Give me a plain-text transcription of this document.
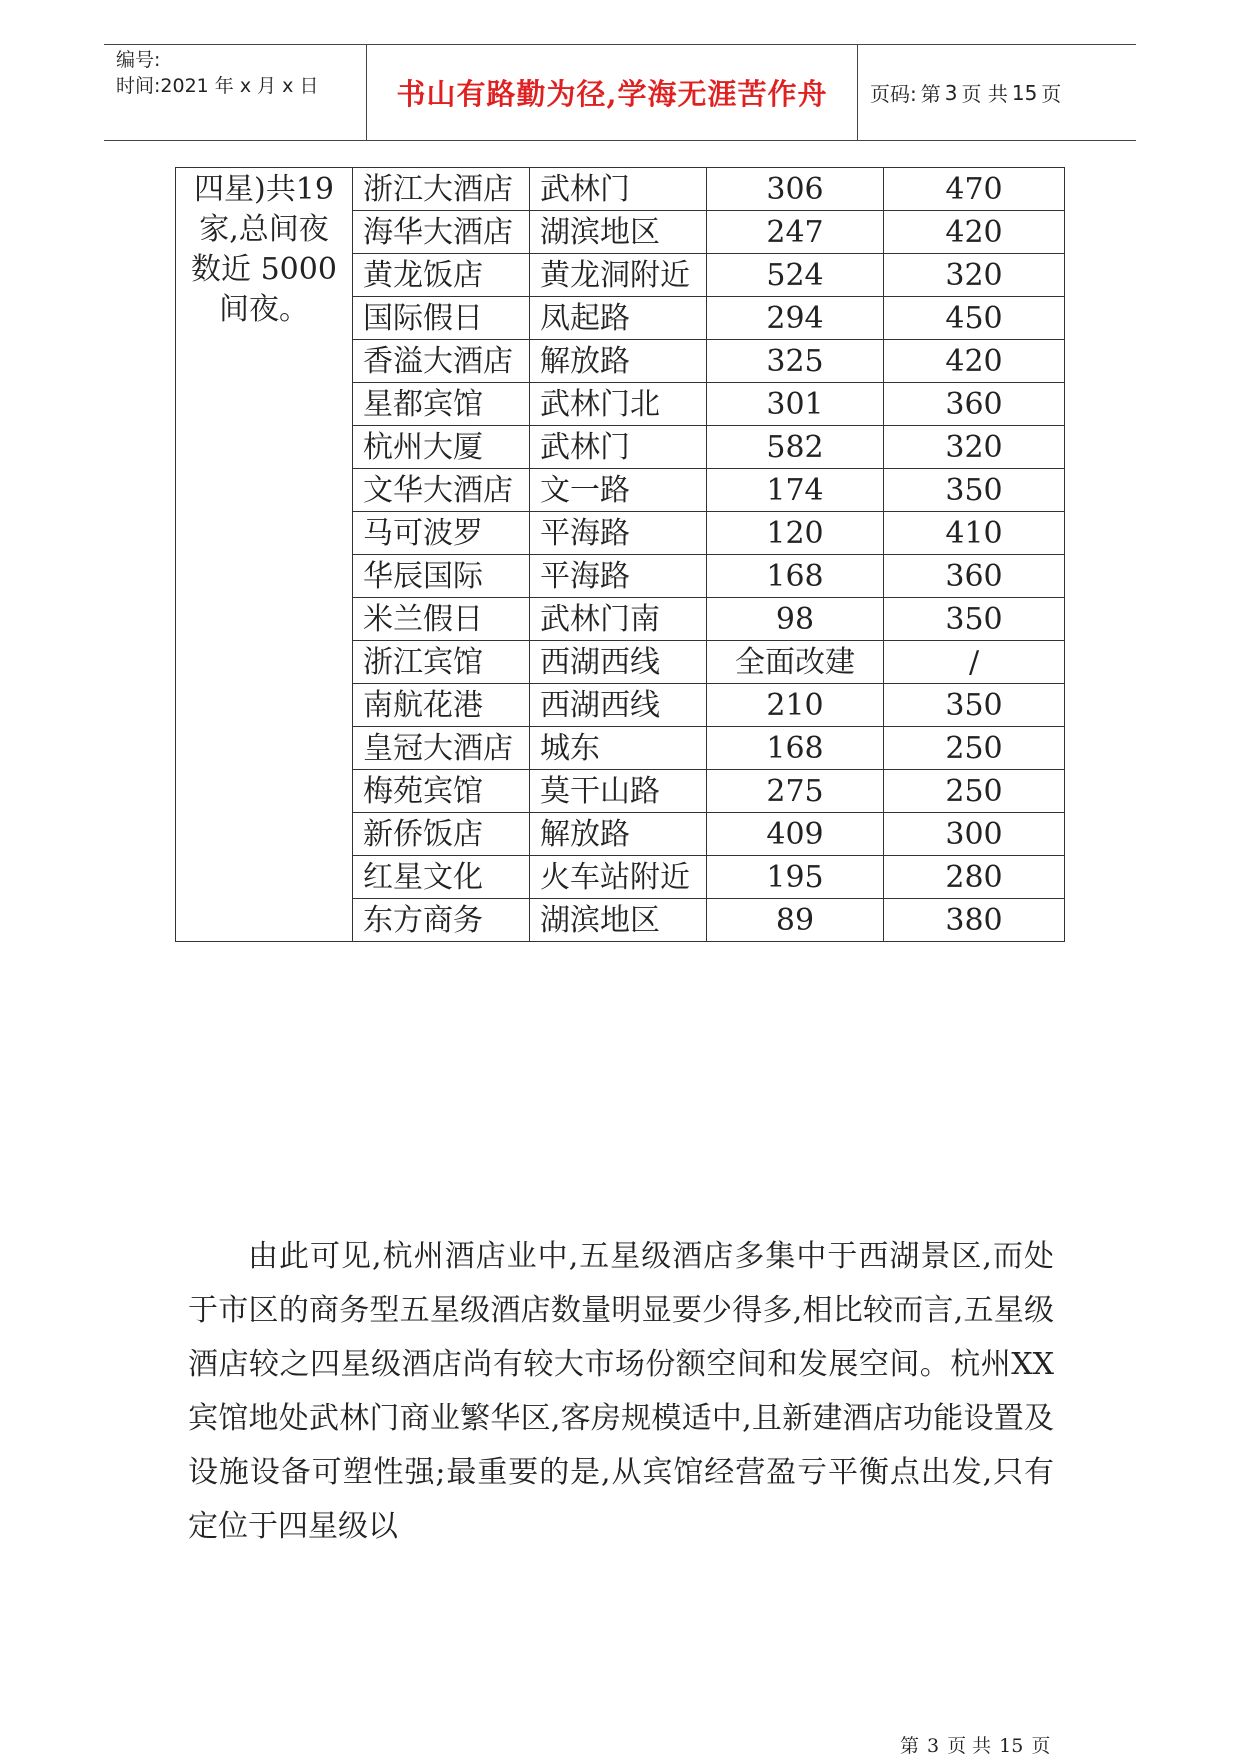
编号:
时间:2021 年 x 月 x 日	书山有路勤为径,学海无涯苦作舟 页码: 第 3 页 共 15 页
四星)共19家,总间夜数近 5000 间夜。	浙江大酒店	武林门	306	470
	海华大酒店	湖滨地区	247	420
	黄龙饭店	黄龙洞附近	524	320
	国际假日	凤起路	294	450
	香溢大酒店	解放路	325	420
	星都宾馆	武林门北	301	360
	杭州大厦	武林门	582	320
	文华大酒店	文一路	174	350
	马可波罗	平海路	120	410
	华辰国际	平海路	168	360
	米兰假日	武林门南	98	350
	浙江宾馆	西湖西线	全面改建	/
	南航花港	西湖西线	210	350
	皇冠大酒店	城东	168	250
	梅苑宾馆	莫干山路	275	250
	新侨饭店	解放路	409	300
	红星文化	火车站附近	195	280
	东方商务	湖滨地区	89	380

由此可见,杭州酒店业中,五星级酒店多集中于西湖景区,而处于市区的商务型五星级酒店数量明显要少得多,相比较而言,五星级酒店较之四星级酒店尚有较大市场份额空间和发展空间。杭州XX宾馆地处武林门商业繁华区,客房规模适中,且新建酒店功能设置及设施设备可塑性强;最重要的是,从宾馆经营盈亏平衡点出发,只有定位于四星级以

第 3 页 共 15 页
